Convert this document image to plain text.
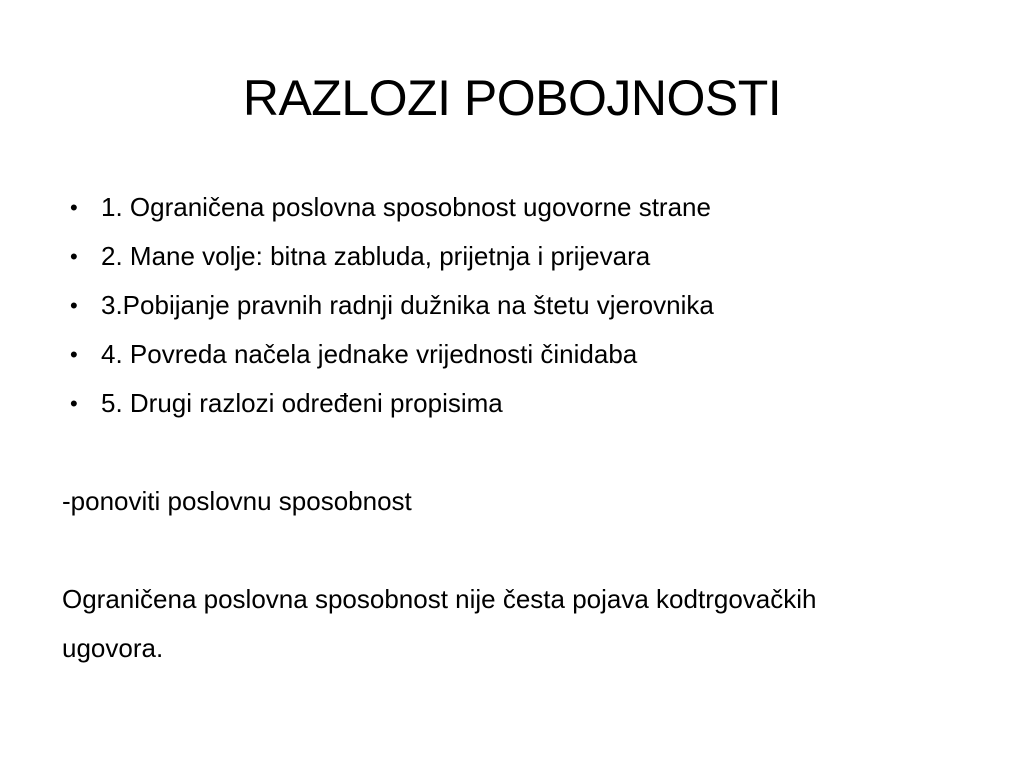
RAZLOZI POBOJNOSTI
• 1. Ograničena poslovna sposobnost ugovorne strane
• 2. Mane volje: bitna zabluda, prijetnja i prijevara
• 3.Pobijanje pravnih radnji dužnika na štetu vjerovnika
• 4. Povreda načela jednake vrijednosti činidaba
• 5. Drugi razlozi određeni propisima
-ponoviti poslovnu sposobnost
Ograničena poslovna sposobnost nije česta pojava kodtrgovačkih
ugovora.
